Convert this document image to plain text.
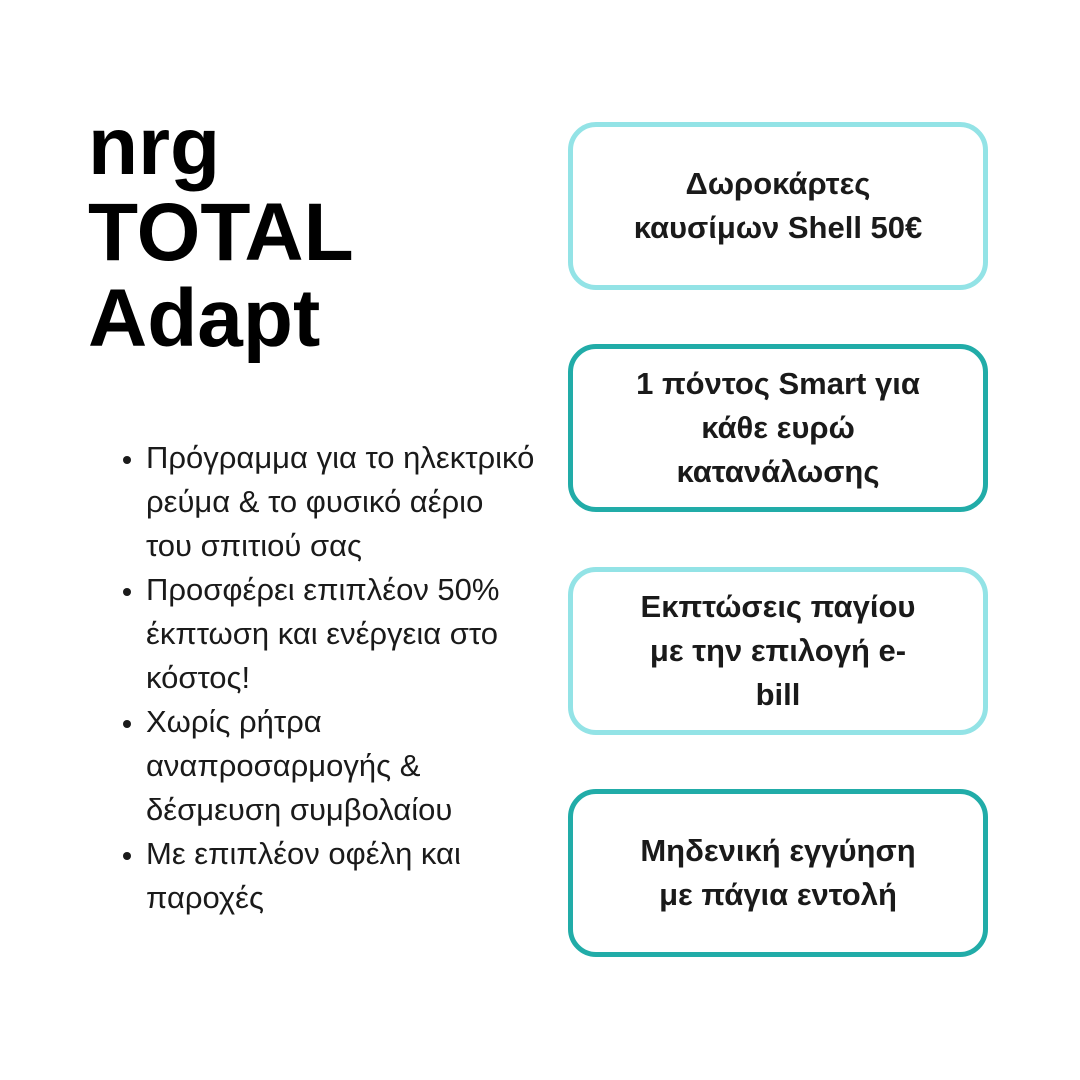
nrg
TOTAL
Adapt
• Πρόγραμμα για το ηλεκτρικό ρεύμα & το φυσικό αέριο του σπιτιού σας
• Προσφέρει επιπλέον 50% έκπτωση και ενέργεια στο κόστος!
• Χωρίς ρήτρα αναπροσαρμογής & δέσμευση συμβολαίου
• Με επιπλέον οφέλη και παροχές
Δωροκάρτες
καυσίμων Shell 50€
1 πόντος Smart για
κάθε ευρώ
κατανάλωσης
Εκπτώσεις παγίου
με την επιλογή e-
bill
Μηδενική εγγύηση
με πάγια εντολή
